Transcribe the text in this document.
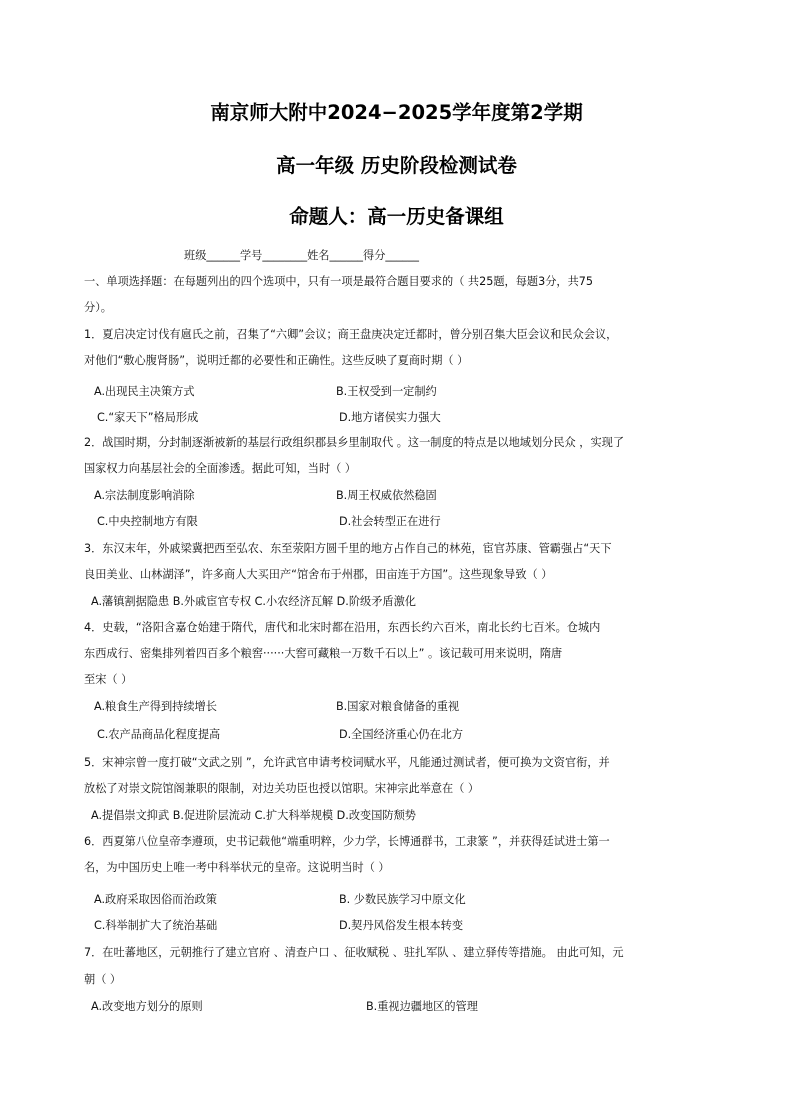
南京师大附中2024−2025学年度第2学期
高一年级 历史阶段检测试卷
命题人：高一历史备课组
班级______学号________姓名______得分______
一、单项选择题：在每题列出的四个选项中，只有一项是最符合题目要求的（ 共25题，每题3分，共75
分）。
1．夏启决定讨伐有扈氏之前，召集了“六卿”会议；商王盘庚决定迁都时，曾分别召集大臣会议和民众会议，
对他们“敷心腹肾肠”，说明迁都的必要性和正确性。这些反映了夏商时期（ ）
A.出现民主决策方式	B.王权受到一定制约
C.“家天下”格局形成	D.地方诸侯实力强大
2．战国时期，分封制逐渐被新的基层行政组织郡县乡里制取代 。这一制度的特点是以地域划分民众 ，实现了
国家权力向基层社会的全面渗透。据此可知，当时（ ）
A.宗法制度影响消除	B.周王权威依然稳固
C.中央控制地方有限	D.社会转型正在进行
3．东汉末年，外戚梁冀把西至弘农、东至荥阳方圆千里的地方占作自己的林苑，宦官苏康、管霸强占“天下
良田美业、山林湖泽”，许多商人大买田产“馆舍布于州郡，田亩连于方国”。这些现象导致（ ）
A.藩镇割据隐患 B.外戚宦官专权 C.小农经济瓦解 D.阶级矛盾激化
4．史载，“洛阳含嘉仓始建于隋代，唐代和北宋时都在沿用，东西长约六百米，南北长约七百米。仓城内
东西成行、密集排列着四百多个粮窖······大窖可藏粮一万数千石以上” 。该记载可用来说明，隋唐
至宋（ ）
A.粮食生产得到持续增长	B.国家对粮食储备的重视
C.农产品商品化程度提高	D.全国经济重心仍在北方
5．宋神宗曾一度打破“文武之别 ”，允许武官申请考校词赋水平，凡能通过测试者，便可换为文资官衔，并
放松了对崇文院馆阁兼职的限制，对边关功臣也授以馆职。宋神宗此举意在（ ）
A.提倡崇文抑武 B.促进阶层流动 C.扩大科举规模 D.改变国防颓势
6．西夏第八位皇帝李遵顼，史书记载他“端重明粹，少力学，长博通群书，工隶篆 ”，并获得廷试进士第一
名，为中国历史上唯一考中科举状元的皇帝。这说明当时（ ）
A.政府采取因俗而治政策	B. 少数民族学习中原文化
C.科举制扩大了统治基础	D.契丹风俗发生根本转变
7．在吐蕃地区，元朝推行了建立官府 、清查户口 、征收赋税 、驻扎军队 、建立驿传等措施。 由此可知，元
朝（ ）
A.改变地方划分的原则	B.重视边疆地区的管理
